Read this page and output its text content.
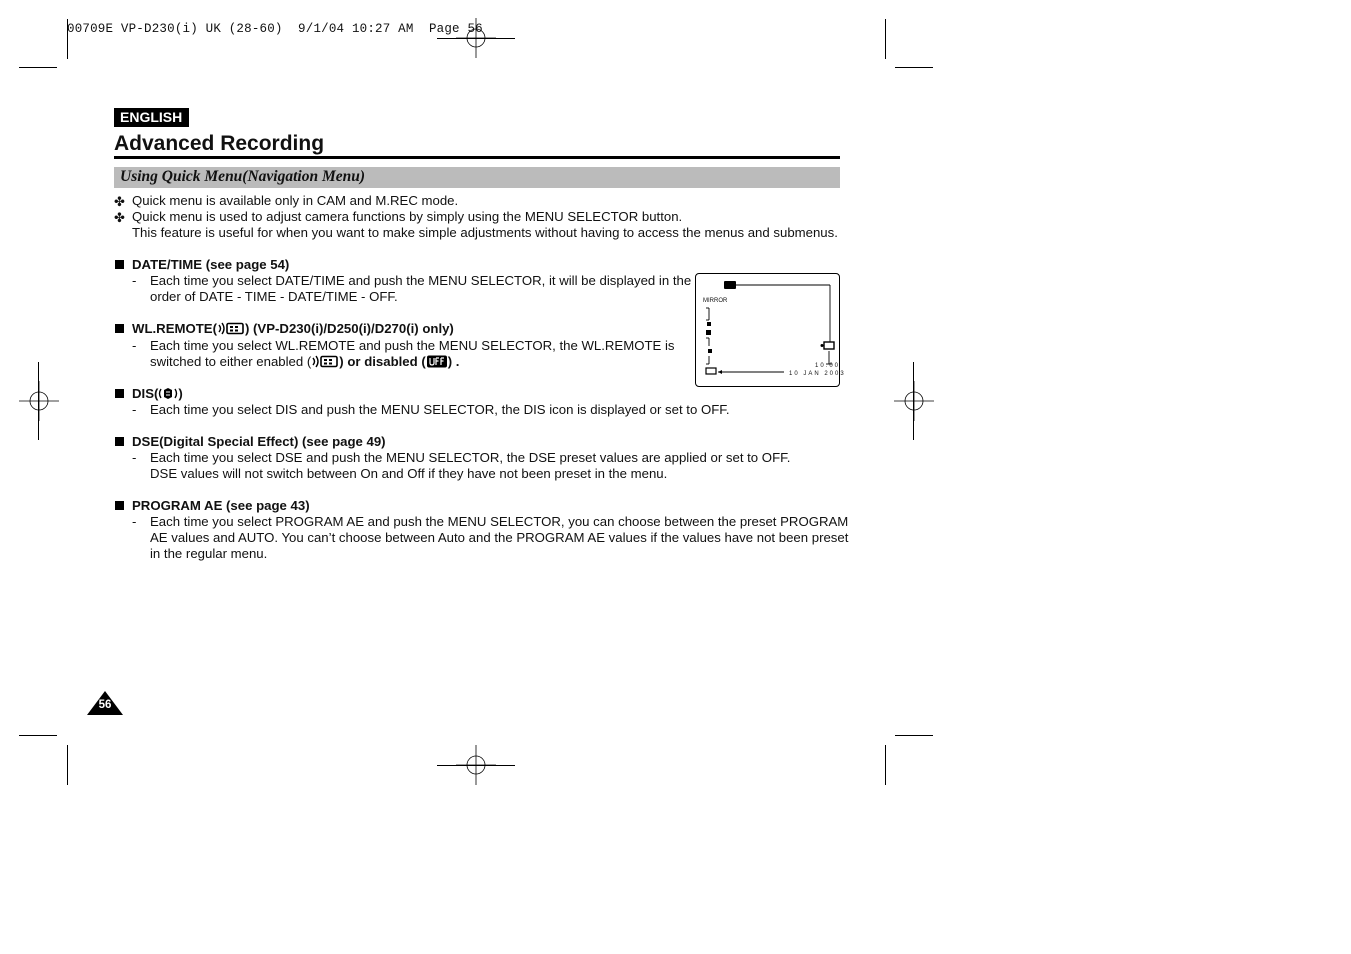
00709E VP-D230(i) UK (28-60)  9/1/04 10:27 AM  Page 56
ENGLISH
Advanced Recording
Using Quick Menu(Navigation Menu)
✤ Quick menu is available only in CAM and M.REC mode.
✤ Quick menu is used to adjust camera functions by simply using the MENU SELECTOR button.
This feature is useful for when you want to make simple adjustments without having to access the menus and submenus.
DATE/TIME (see page 54)
- Each time you select DATE/TIME and push the MENU SELECTOR, it will be displayed in the
order of DATE - TIME - DATE/TIME - OFF.
WL.REMOTE( ) (VP-D230(i)/D250(i)/D270(i) only)
- Each time you select WL.REMOTE and push the MENU SELECTOR, the WL.REMOTE is
switched to either enabled ( ) or disabled ( ) .
DIS( )
- Each time you select DIS and push the MENU SELECTOR, the DIS icon is displayed or set to OFF.
DSE(Digital Special Effect) (see page 49)
- Each time you select DSE and push the MENU SELECTOR, the DSE preset values are applied or set to OFF.
DSE values will not switch between On and Off if they have not been preset in the menu.
PROGRAM AE (see page 43)
- Each time you select PROGRAM AE and push the MENU SELECTOR, you can choose between the preset PROGRAM
AE values and AUTO. You can’t choose between Auto and the PROGRAM AE values if the values have not been preset
in the regular menu.
MIRROR
10:00
10 JAN 2003
56
